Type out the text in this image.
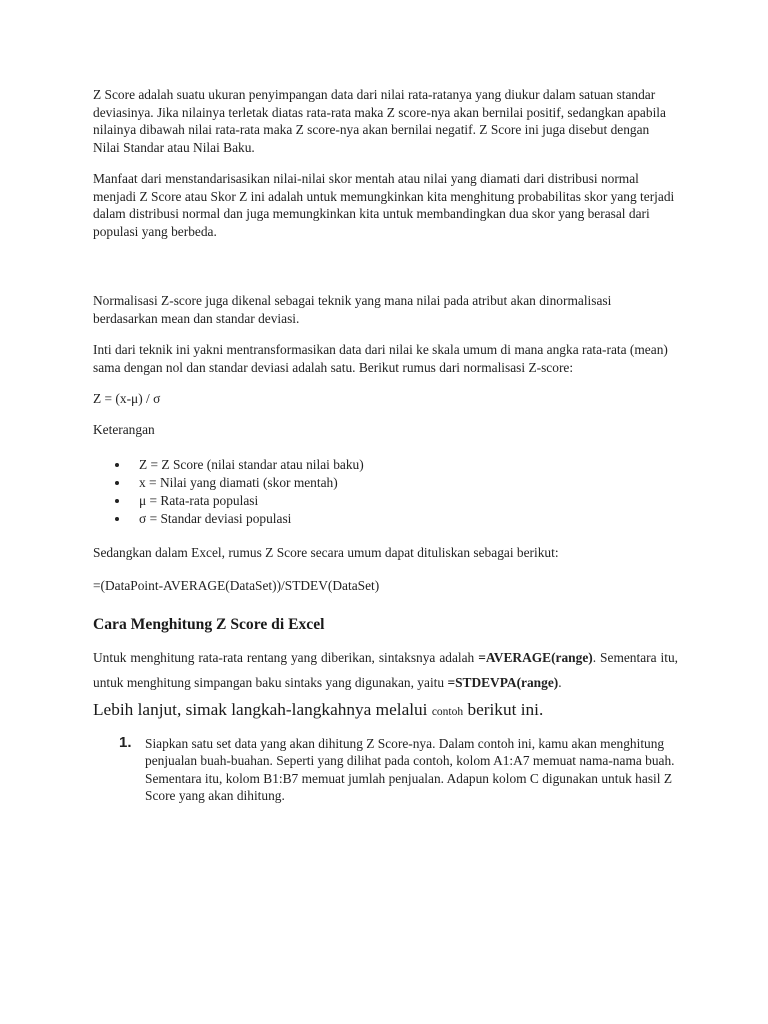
Z Score adalah suatu ukuran penyimpangan data dari nilai rata-ratanya yang diukur dalam satuan standar deviasinya. Jika nilainya terletak diatas rata-rata maka Z score-nya akan bernilai positif, sedangkan apabila nilainya dibawah nilai rata-rata maka Z score-nya akan bernilai negatif. Z Score ini juga disebut dengan Nilai Standar atau Nilai Baku.

Manfaat dari menstandarisasikan nilai-nilai skor mentah atau nilai yang diamati dari distribusi normal menjadi Z Score atau Skor Z ini adalah untuk memungkinkan kita menghitung probabilitas skor yang terjadi dalam distribusi normal dan juga memungkinkan kita untuk membandingkan dua skor yang berasal dari populasi yang berbeda.

Normalisasi Z-score juga dikenal sebagai teknik yang mana nilai pada atribut akan dinormalisasi berdasarkan mean dan standar deviasi.

Inti dari teknik ini yakni mentransformasikan data dari nilai ke skala umum di mana angka rata-rata (mean) sama dengan nol dan standar deviasi adalah satu. Berikut rumus dari normalisasi Z-score:

Z = (x-μ) / σ

Keterangan

Z = Z Score (nilai standar atau nilai baku)
x = Nilai yang diamati (skor mentah)
μ = Rata-rata populasi
σ = Standar deviasi populasi

Sedangkan dalam Excel, rumus Z Score secara umum dapat dituliskan sebagai berikut:

=(DataPoint-AVERAGE(DataSet))/STDEV(DataSet)

Cara Menghitung Z Score di Excel

Untuk menghitung rata-rata rentang yang diberikan, sintaksnya adalah =AVERAGE(range). Sementara itu, untuk menghitung simpangan baku sintaks yang digunakan, yaitu =STDEVPA(range).

Lebih lanjut, simak langkah-langkahnya melalui contoh berikut ini.

1. Siapkan satu set data yang akan dihitung Z Score-nya. Dalam contoh ini, kamu akan menghitung penjualan buah-buahan. Seperti yang dilihat pada contoh, kolom A1:A7 memuat nama-nama buah. Sementara itu, kolom B1:B7 memuat jumlah penjualan. Adapun kolom C digunakan untuk hasil Z Score yang akan dihitung.
